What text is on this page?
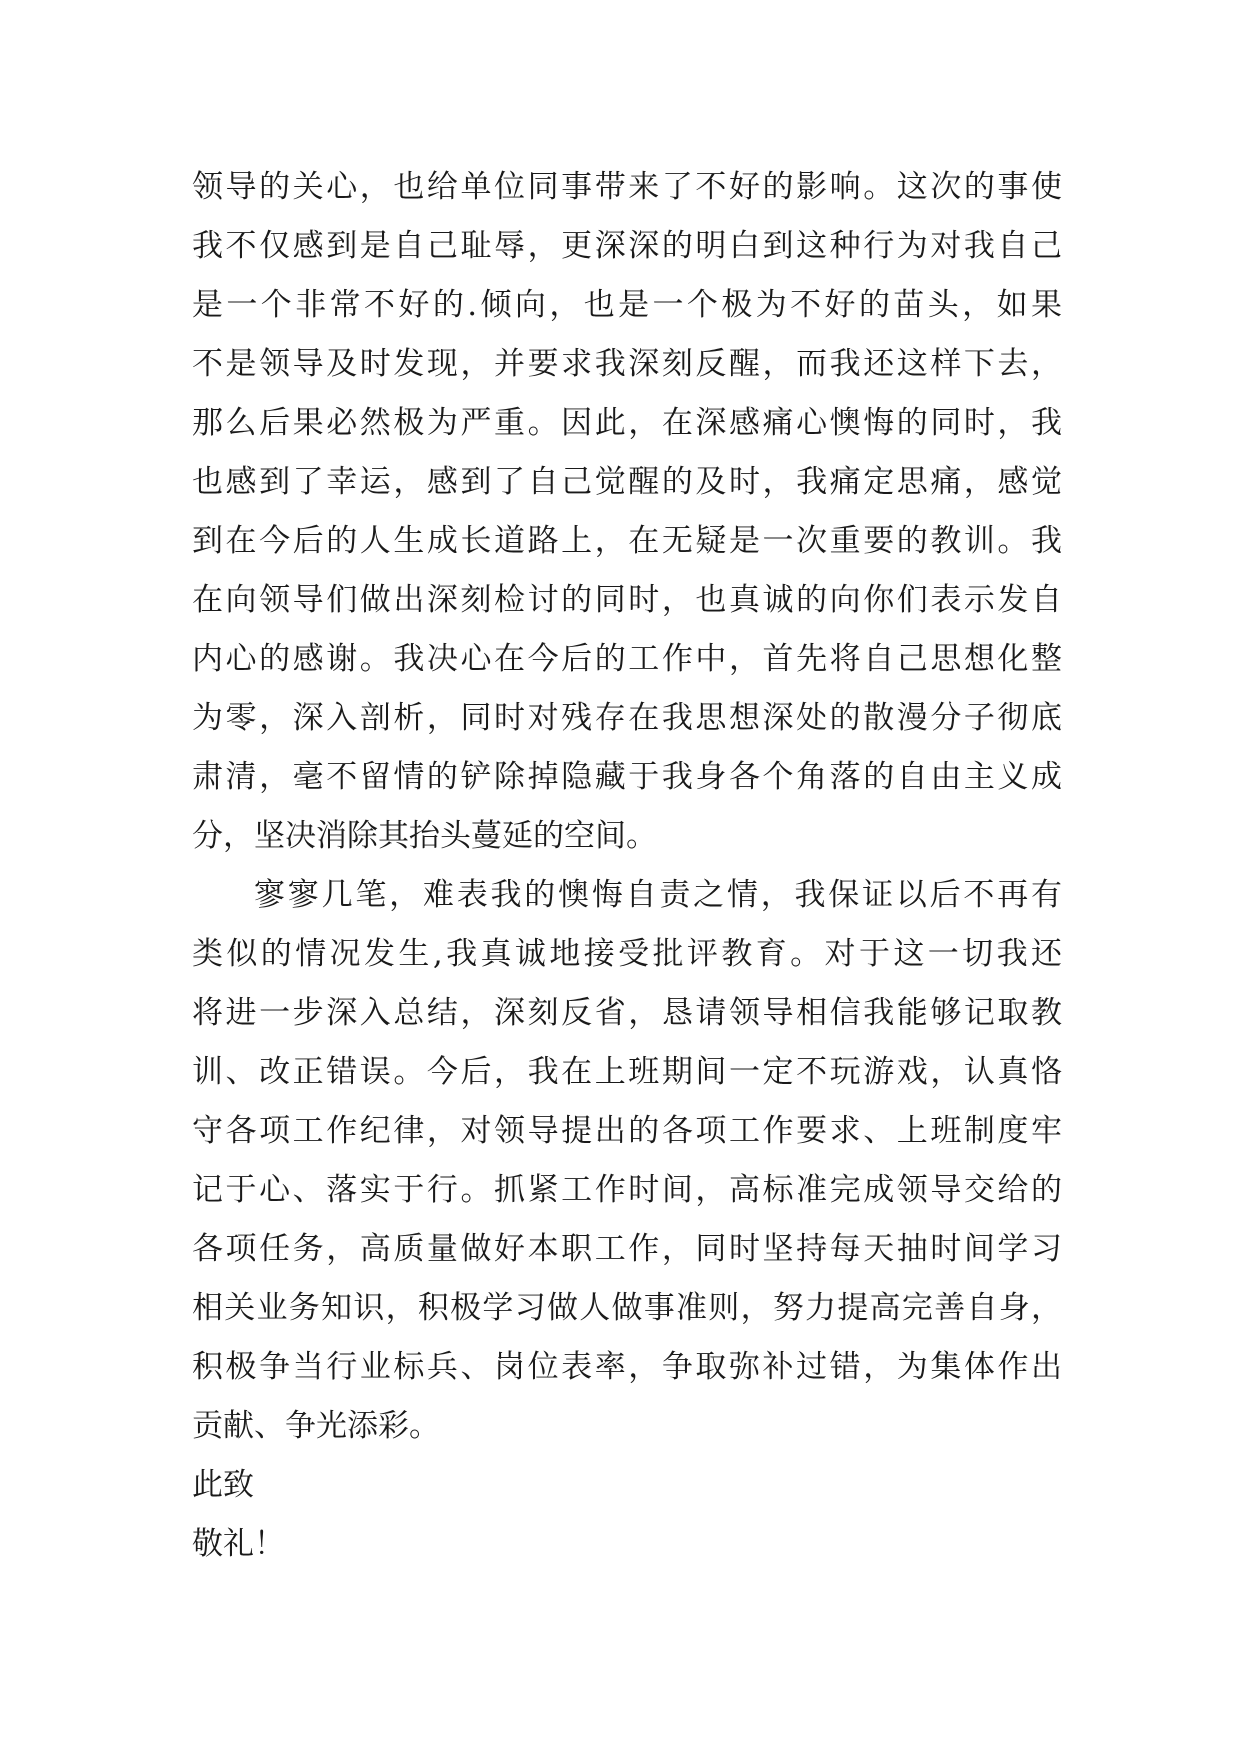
领导的关心，也给单位同事带来了不好的影响。这次的事使
我不仅感到是自己耻辱，更深深的明白到这种行为对我自己
是一个非常不好的.倾向，也是一个极为不好的苗头，如果
不是领导及时发现，并要求我深刻反醒，而我还这样下去，
那么后果必然极为严重。因此，在深感痛心懊悔的同时，我
也感到了幸运，感到了自己觉醒的及时，我痛定思痛，感觉
到在今后的人生成长道路上，在无疑是一次重要的教训。我
在向领导们做出深刻检讨的同时，也真诚的向你们表示发自
内心的感谢。我决心在今后的工作中，首先将自己思想化整
为零，深入剖析，同时对残存在我思想深处的散漫分子彻底
肃清，毫不留情的铲除掉隐藏于我身各个角落的自由主义成
分，坚决消除其抬头蔓延的空间。
寥寥几笔，难表我的懊悔自责之情，我保证以后不再有
类似的情况发生,我真诚地接受批评教育。对于这一切我还
将进一步深入总结，深刻反省，恳请领导相信我能够记取教
训、改正错误。今后，我在上班期间一定不玩游戏，认真恪
守各项工作纪律，对领导提出的各项工作要求、上班制度牢
记于心、落实于行。抓紧工作时间，高标准完成领导交给的
各项任务，高质量做好本职工作，同时坚持每天抽时间学习
相关业务知识，积极学习做人做事准则，努力提高完善自身，
积极争当行业标兵、岗位表率，争取弥补过错，为集体作出
贡献、争光添彩。
此致
敬礼！
